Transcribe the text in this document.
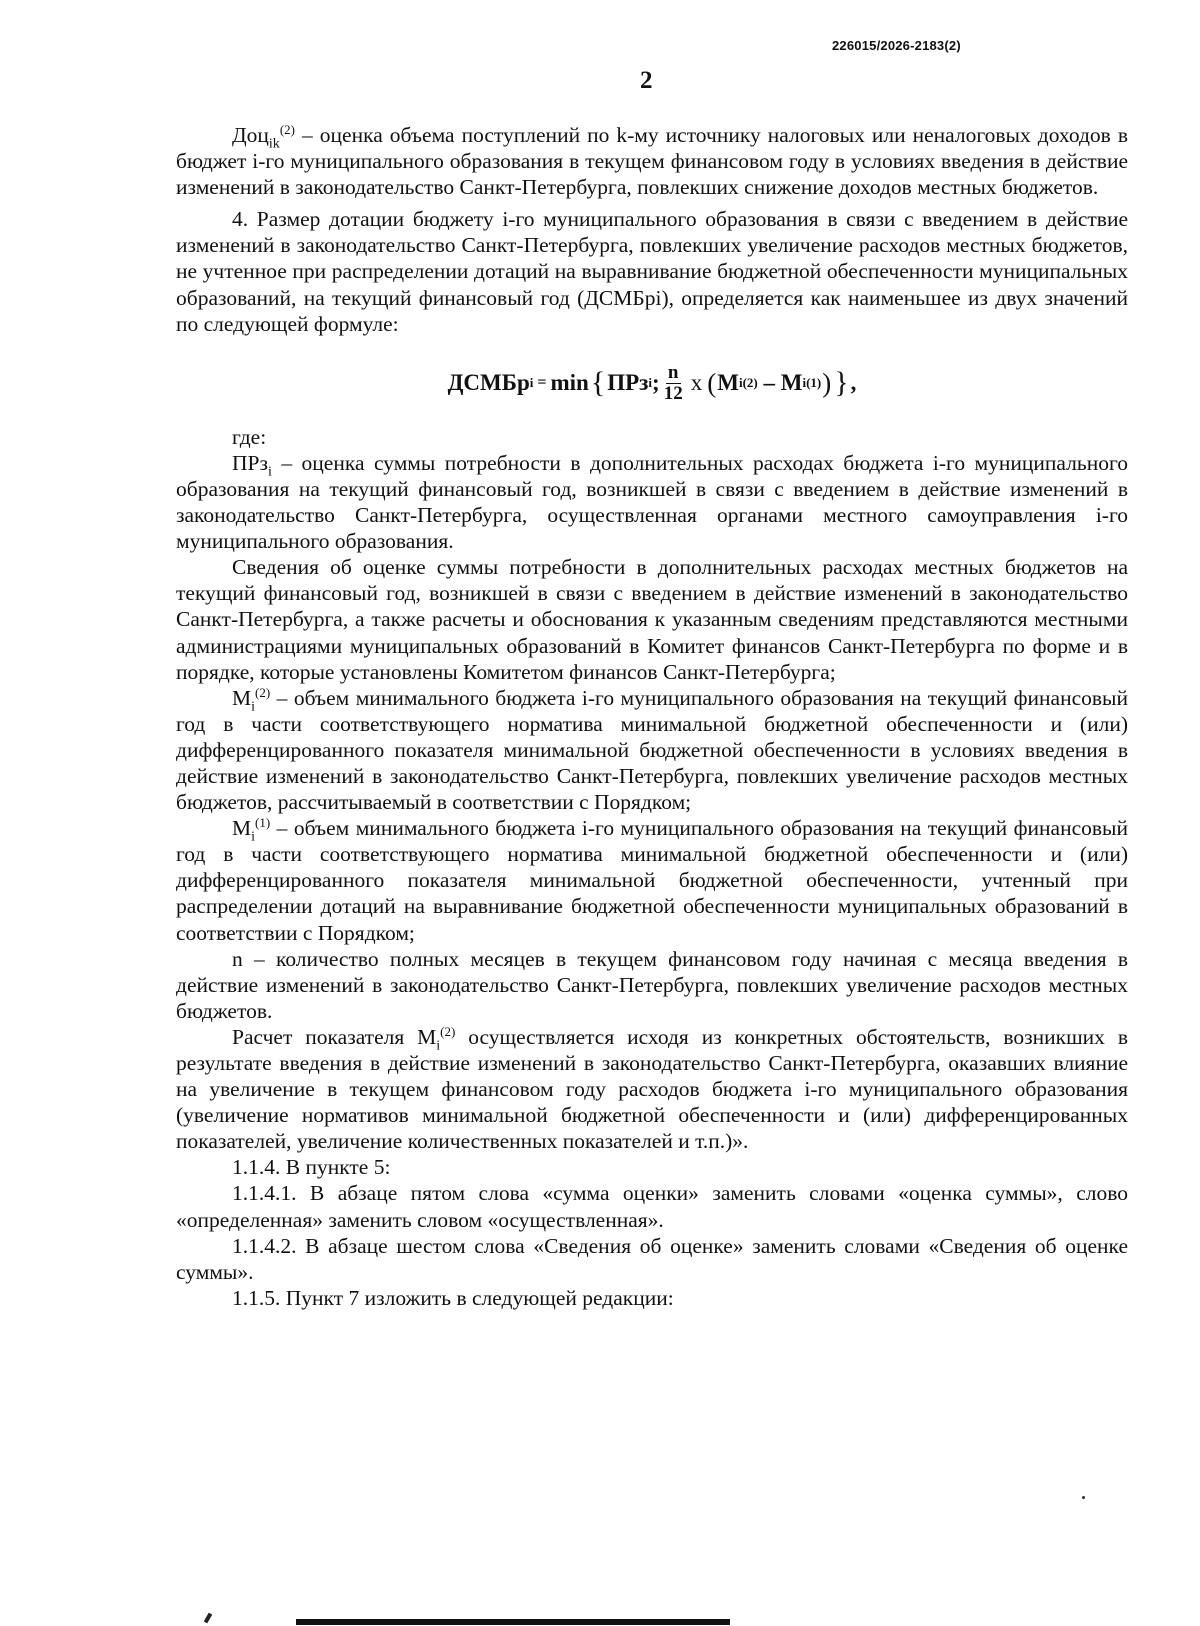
226015/2026-2183(2)
2

Доц$_{ik}^{(2)}$ – оценка объема поступлений по k-му источнику налоговых или неналоговых доходов в бюджет i-го муниципального образования в текущем финансовом году в условиях введения в действие изменений в законодательство Санкт-Петербурга, повлекших снижение доходов местных бюджетов.

4. Размер дотации бюджету i-го муниципального образования в связи с введением в действие изменений в законодательство Санкт-Петербурга, повлекших увеличение расходов местных бюджетов, не учтенное при распределении дотаций на выравнивание бюджетной обеспеченности муниципальных образований, на текущий финансовый год (ДСМБрi), определяется как наименьшее из двух значений по следующей формуле:

ДСМБр i = min { ПРз i ; $\frac{n}{12}$ x ( M i (2) – M i (1) ) } ,

где:

ПРз$_i$ – оценка суммы потребности в дополнительных расходах бюджета i-го муниципального образования на текущий финансовый год, возникшей в связи с введением в действие изменений в законодательство Санкт-Петербурга, осуществленная органами местного самоуправления i-го муниципального образования.

Сведения об оценке суммы потребности в дополнительных расходах местных бюджетов на текущий финансовый год, возникшей в связи с введением в действие изменений в законодательство Санкт-Петербурга, а также расчеты и обоснования к указанным сведениям представляются местными администрациями муниципальных образований в Комитет финансов Санкт-Петербурга по форме и в порядке, которые установлены Комитетом финансов Санкт-Петербурга;

$M_i^{(2)}$ – объем минимального бюджета i-го муниципального образования на текущий финансовый год в части соответствующего норматива минимальной бюджетной обеспеченности и (или) дифференцированного показателя минимальной бюджетной обеспеченности в условиях введения в действие изменений в законодательство Санкт-Петербурга, повлекших увеличение расходов местных бюджетов, рассчитываемый в соответствии с Порядком;

$M_i^{(1)}$ – объем минимального бюджета i-го муниципального образования на текущий финансовый год в части соответствующего норматива минимальной бюджетной обеспеченности и (или) дифференцированного показателя минимальной бюджетной обеспеченности, учтенный при распределении дотаций на выравнивание бюджетной обеспеченности муниципальных образований в соответствии с Порядком;

n – количество полных месяцев в текущем финансовом году начиная с месяца введения в действие изменений в законодательство Санкт-Петербурга, повлекших увеличение расходов местных бюджетов.

Расчет показателя $M_i^{(2)}$ осуществляется исходя из конкретных обстоятельств, возникших в результате введения в действие изменений в законодательство Санкт-Петербурга, оказавших влияние на увеличение в текущем финансовом году расходов бюджета i-го муниципального образования (увеличение нормативов минимальной бюджетной обеспеченности и (или) дифференцированных показателей, увеличение количественных показателей и т.п.)».

1.1.4. В пункте 5:

1.1.4.1. В абзаце пятом слова «сумма оценки» заменить словами «оценка суммы», слово «определенная» заменить словом «осуществленная».

1.1.4.2. В абзаце шестом слова «Сведения об оценке» заменить словами «Сведения об оценке суммы».

1.1.5. Пункт 7 изложить в следующей редакции:
